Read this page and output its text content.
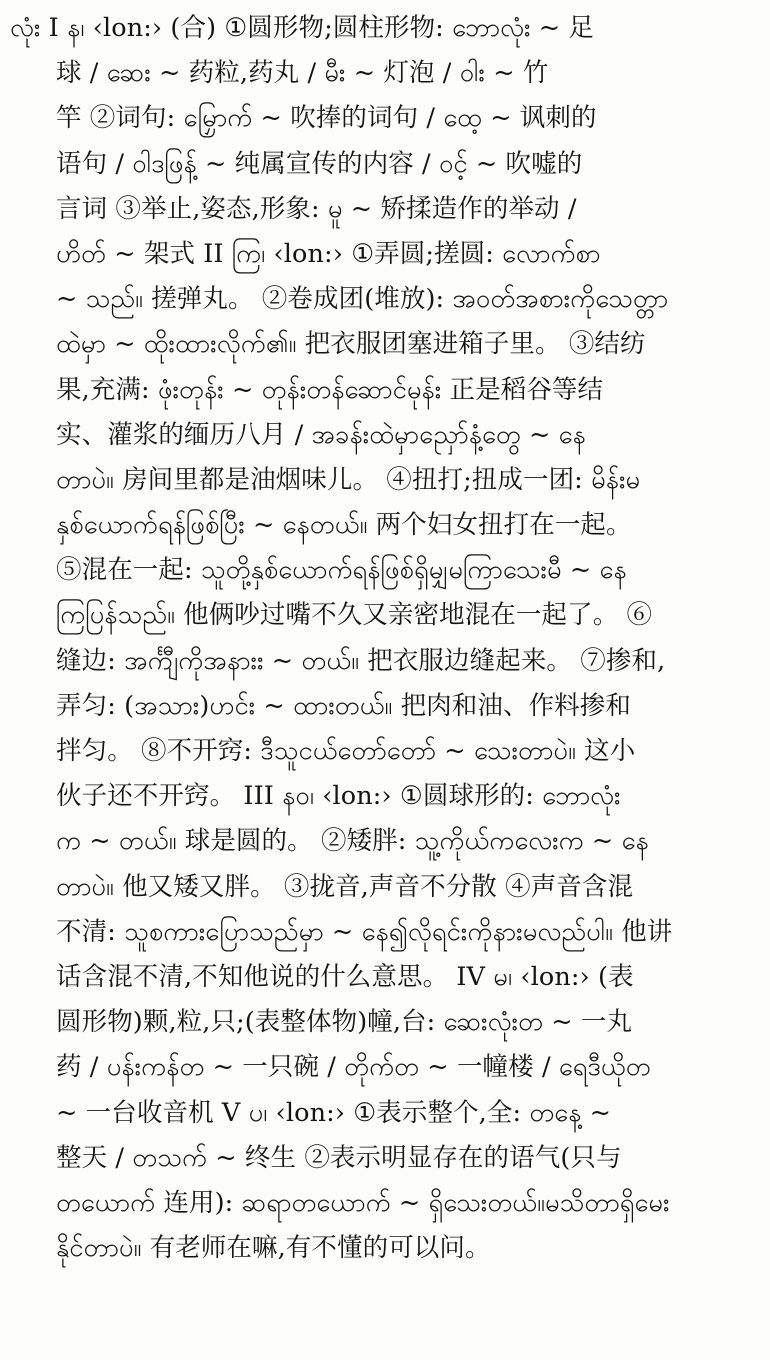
လုံး I န၊ ‹lon:› (合) ①圆形物;圆柱形物: ဘောလုံး ~ 足
球 / ဆေး ~ 药粒,药丸 / မီး ~ 灯泡 / ဝါး ~ 竹
竿 ②词句: မြှောက် ~ 吹捧的词句 / ထေ့ ~ 讽刺的
语句 / ဝါဒဖြန့် ~ 纯属宣传的内容 / ဝင့် ~ 吹嘘的
言词 ③举止,姿态,形象: မူ ~ 矫揉造作的举动 /
ဟိတ် ~ 架式 II ကြ၊ ‹lon:› ①弄圆;搓圆: လောက်စာ
~ သည်။ 搓弹丸。 ②卷成团(堆放): အဝတ်အစားကိုသေတ္တာ
ထဲမှာ ~ ထိုးထားလိုက်၏။ 把衣服团塞进箱子里。 ③结纺
果,充满: ဖုံးတုန်း ~ တုန်းတန်ဆောင်မုန်း 正是稻谷等结
实、灌浆的缅历八月 / အခန်းထဲမှာညှော်နံ့တွေ ~ နေ
တာပဲ။ 房间里都是油烟味儿。 ④扭打;扭成一团: မိန်းမ
နှစ်ယောက်ရန်ဖြစ်ပြီး ~ နေတယ်။ 两个妇女扭打在一起。
⑤混在一起: သူတို့နှစ်ယောက်ရန်ဖြစ်ရှိမျှမကြာသေးမီ ~ နေ
ကြပြန်သည်။ 他俩吵过嘴不久又亲密地混在一起了。 ⑥
缝边: အင်္ကျီကိုအနားး ~ တယ်။ 把衣服边缝起来。 ⑦掺和,
弄匀: (အသား)ဟင်း ~ ထားတယ်။ 把肉和油、作料掺和
拌匀。 ⑧不开窍: ဒီသူငယ်တော်တော် ~ သေးတာပဲ။ 这小
伙子还不开窍。 III နဝ၊ ‹lon:› ①圆球形的: ဘောလုံး
က ~ တယ်။ 球是圆的。 ②矮胖: သူ့ကိုယ်ကလေးက ~ နေ
တာပဲ။ 他又矮又胖。 ③拢音,声音不分散 ④声音含混
不清: သူစကားပြောသည်မှာ ~ နေ၍လိုရင်းကိုနားမလည်ပါ။ 他讲
话含混不清,不知他说的什么意思。 IV မ၊ ‹lon:› (表
圆形物)颗,粒,只;(表整体物)幢,台: ဆေးလုံးတ ~ 一丸
药 / ပန်းကန်တ ~ 一只碗 / တိုက်တ ~ 一幢楼 / ရေဒီယိုတ
~ 一台收音机 V ပ၊ ‹lon:› ①表示整个,全: တနေ့ ~
整天 / တသက် ~ 终生 ②表示明显存在的语气(只与
တယောက် 连用): ဆရာတယောက် ~ ရှိသေးတယ်။မသိတာရှိမေး
နိုင်တာပဲ။ 有老师在嘛,有不懂的可以问。
